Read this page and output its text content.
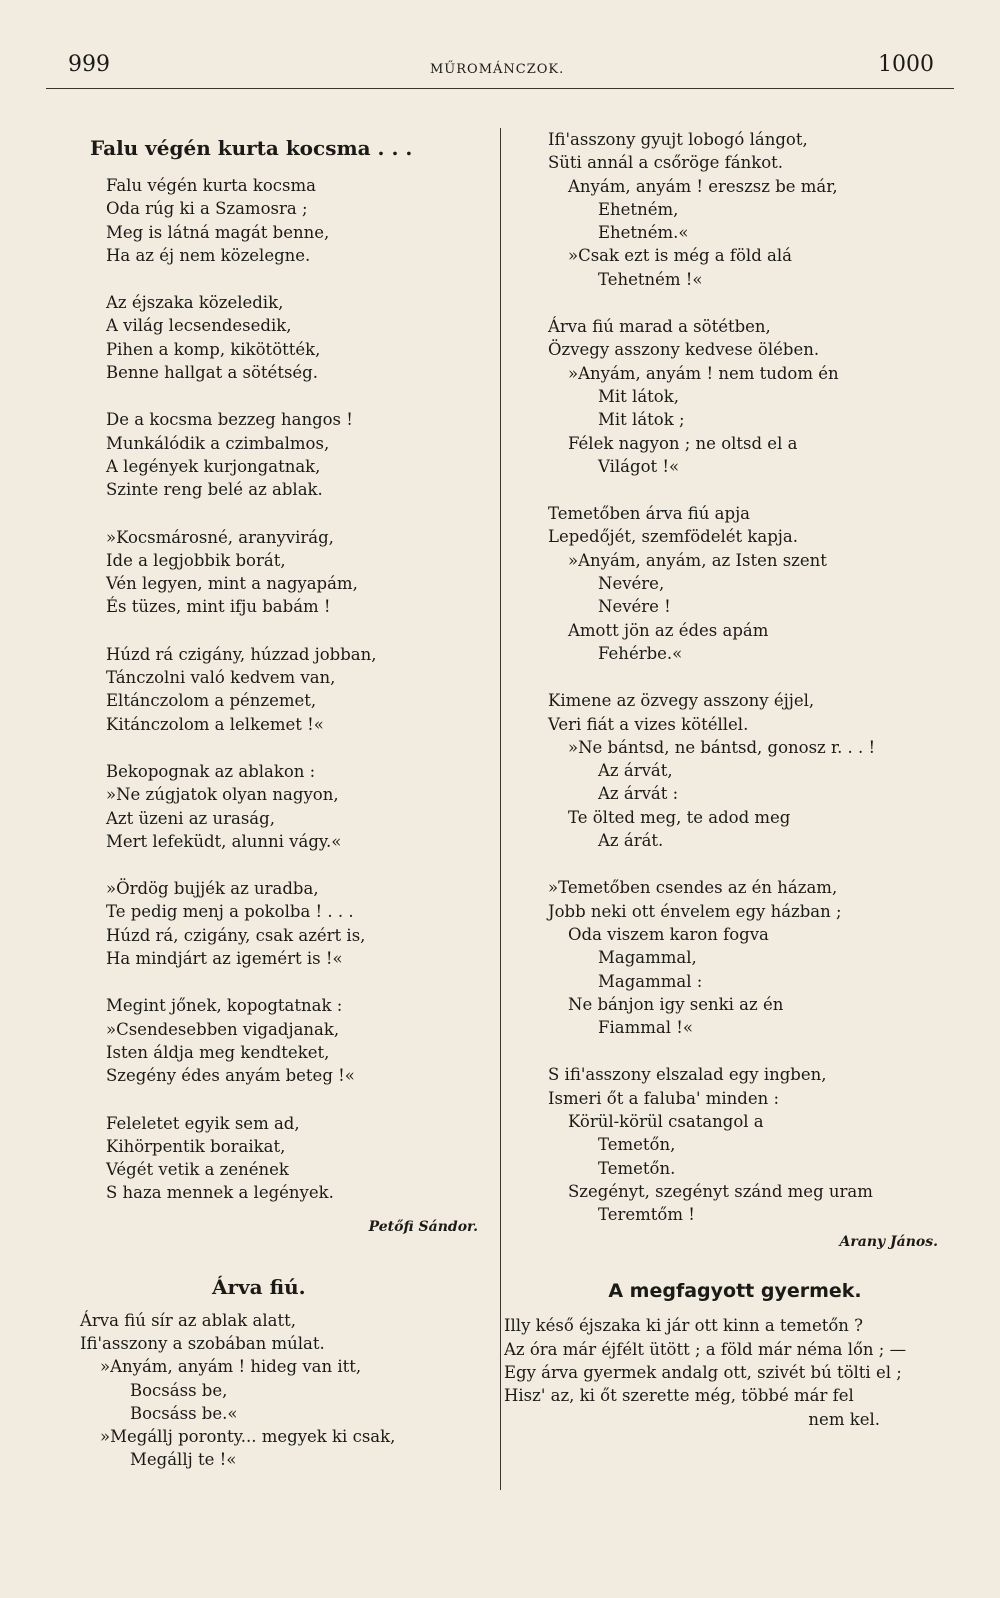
999	MŰROMÁNCZOK.	1000
Falu végén kurta kocsma . . .
Falu végén kurta kocsma
Oda rúg ki a Szamosra ;
Meg is látná magát benne,
Ha az éj nem közelegne.
Az éjszaka közeledik,
A világ lecsendesedik,
Pihen a komp, kikötötték,
Benne hallgat a sötétség.
De a kocsma bezzeg hangos !
Munkálódik a czimbalmos,
A legények kurjongatnak,
Szinte reng belé az ablak.
»Kocsmárosné, aranyvirág,
Ide a legjobbik borát,
Vén legyen, mint a nagyapám,
És tüzes, mint ifju babám !
Húzd rá czigány, húzzad jobban,
Tánczolni való kedvem van,
Eltánczolom a pénzemet,
Kitánczolom a lelkemet !«
Bekopognak az ablakon :
»Ne zúgjatok olyan nagyon,
Azt üzeni az uraság,
Mert lefeküdt, alunni vágy.«
»Ördög bujjék az uradba,
Te pedig menj a pokolba ! . . .
Húzd rá, czigány, csak azért is,
Ha mindjárt az igemért is !«
Megint jőnek, kopogtatnak :
»Csendesebben vigadjanak,
Isten áldja meg kendteket,
Szegény édes anyám beteg !«
Feleletet egyik sem ad,
Kihörpentik boraikat,
Végét vetik a zenének
S haza mennek a legények.
Petőfi Sándor.
Árva fiú.
Árva fiú sír az ablak alatt,
Ifi'asszony a szobában múlat.
»Anyám, anyám ! hideg van itt,
Bocsáss be,
Bocsáss be.«
»Megállj poronty... megyek ki csak,
Megállj te !«
Ifi'asszony gyujt lobogó lángot,
Süti annál a csőröge fánkot.
Anyám, anyám ! ereszsz be már,
Ehetném,
Ehetném.«
»Csak ezt is még a föld alá
Tehetném !«
Árva fiú marad a sötétben,
Özvegy asszony kedvese ölében.
»Anyám, anyám ! nem tudom én
Mit látok,
Mit látok ;
Félek nagyon ; ne oltsd el a
Világot !«
Temetőben árva fiú apja
Lepedőjét, szemfödelét kapja.
»Anyám, anyám, az Isten szent
Nevére,
Nevére !
Amott jön az édes apám
Fehérbe.«
Kimene az özvegy asszony éjjel,
Veri fiát a vizes kötéllel.
»Ne bántsd, ne bántsd, gonosz r. . . !
Az árvát,
Az árvát :
Te ölted meg, te adod meg
Az árát.
»Temetőben csendes az én házam,
Jobb neki ott énvelem egy házban ;
Oda viszem karon fogva
Magammal,
Magammal :
Ne bánjon igy senki az én
Fiammal !«
S ifi'asszony elszalad egy ingben,
Ismeri őt a faluba' minden :
Körül-körül csatangol a
Temetőn,
Temetőn.
Szegényt, szegényt szánd meg uram
Teremtőm !
Arany János.
A megfagyott gyermek.
Illy késő éjszaka ki jár ott kinn a temetőn ?
Az óra már éjfélt ütött ; a föld már néma lőn ; —
Egy árva gyermek andalg ott, szivét bú tölti el ;
Hisz' az, ki őt szerette még, többé már fel
nem kel.
